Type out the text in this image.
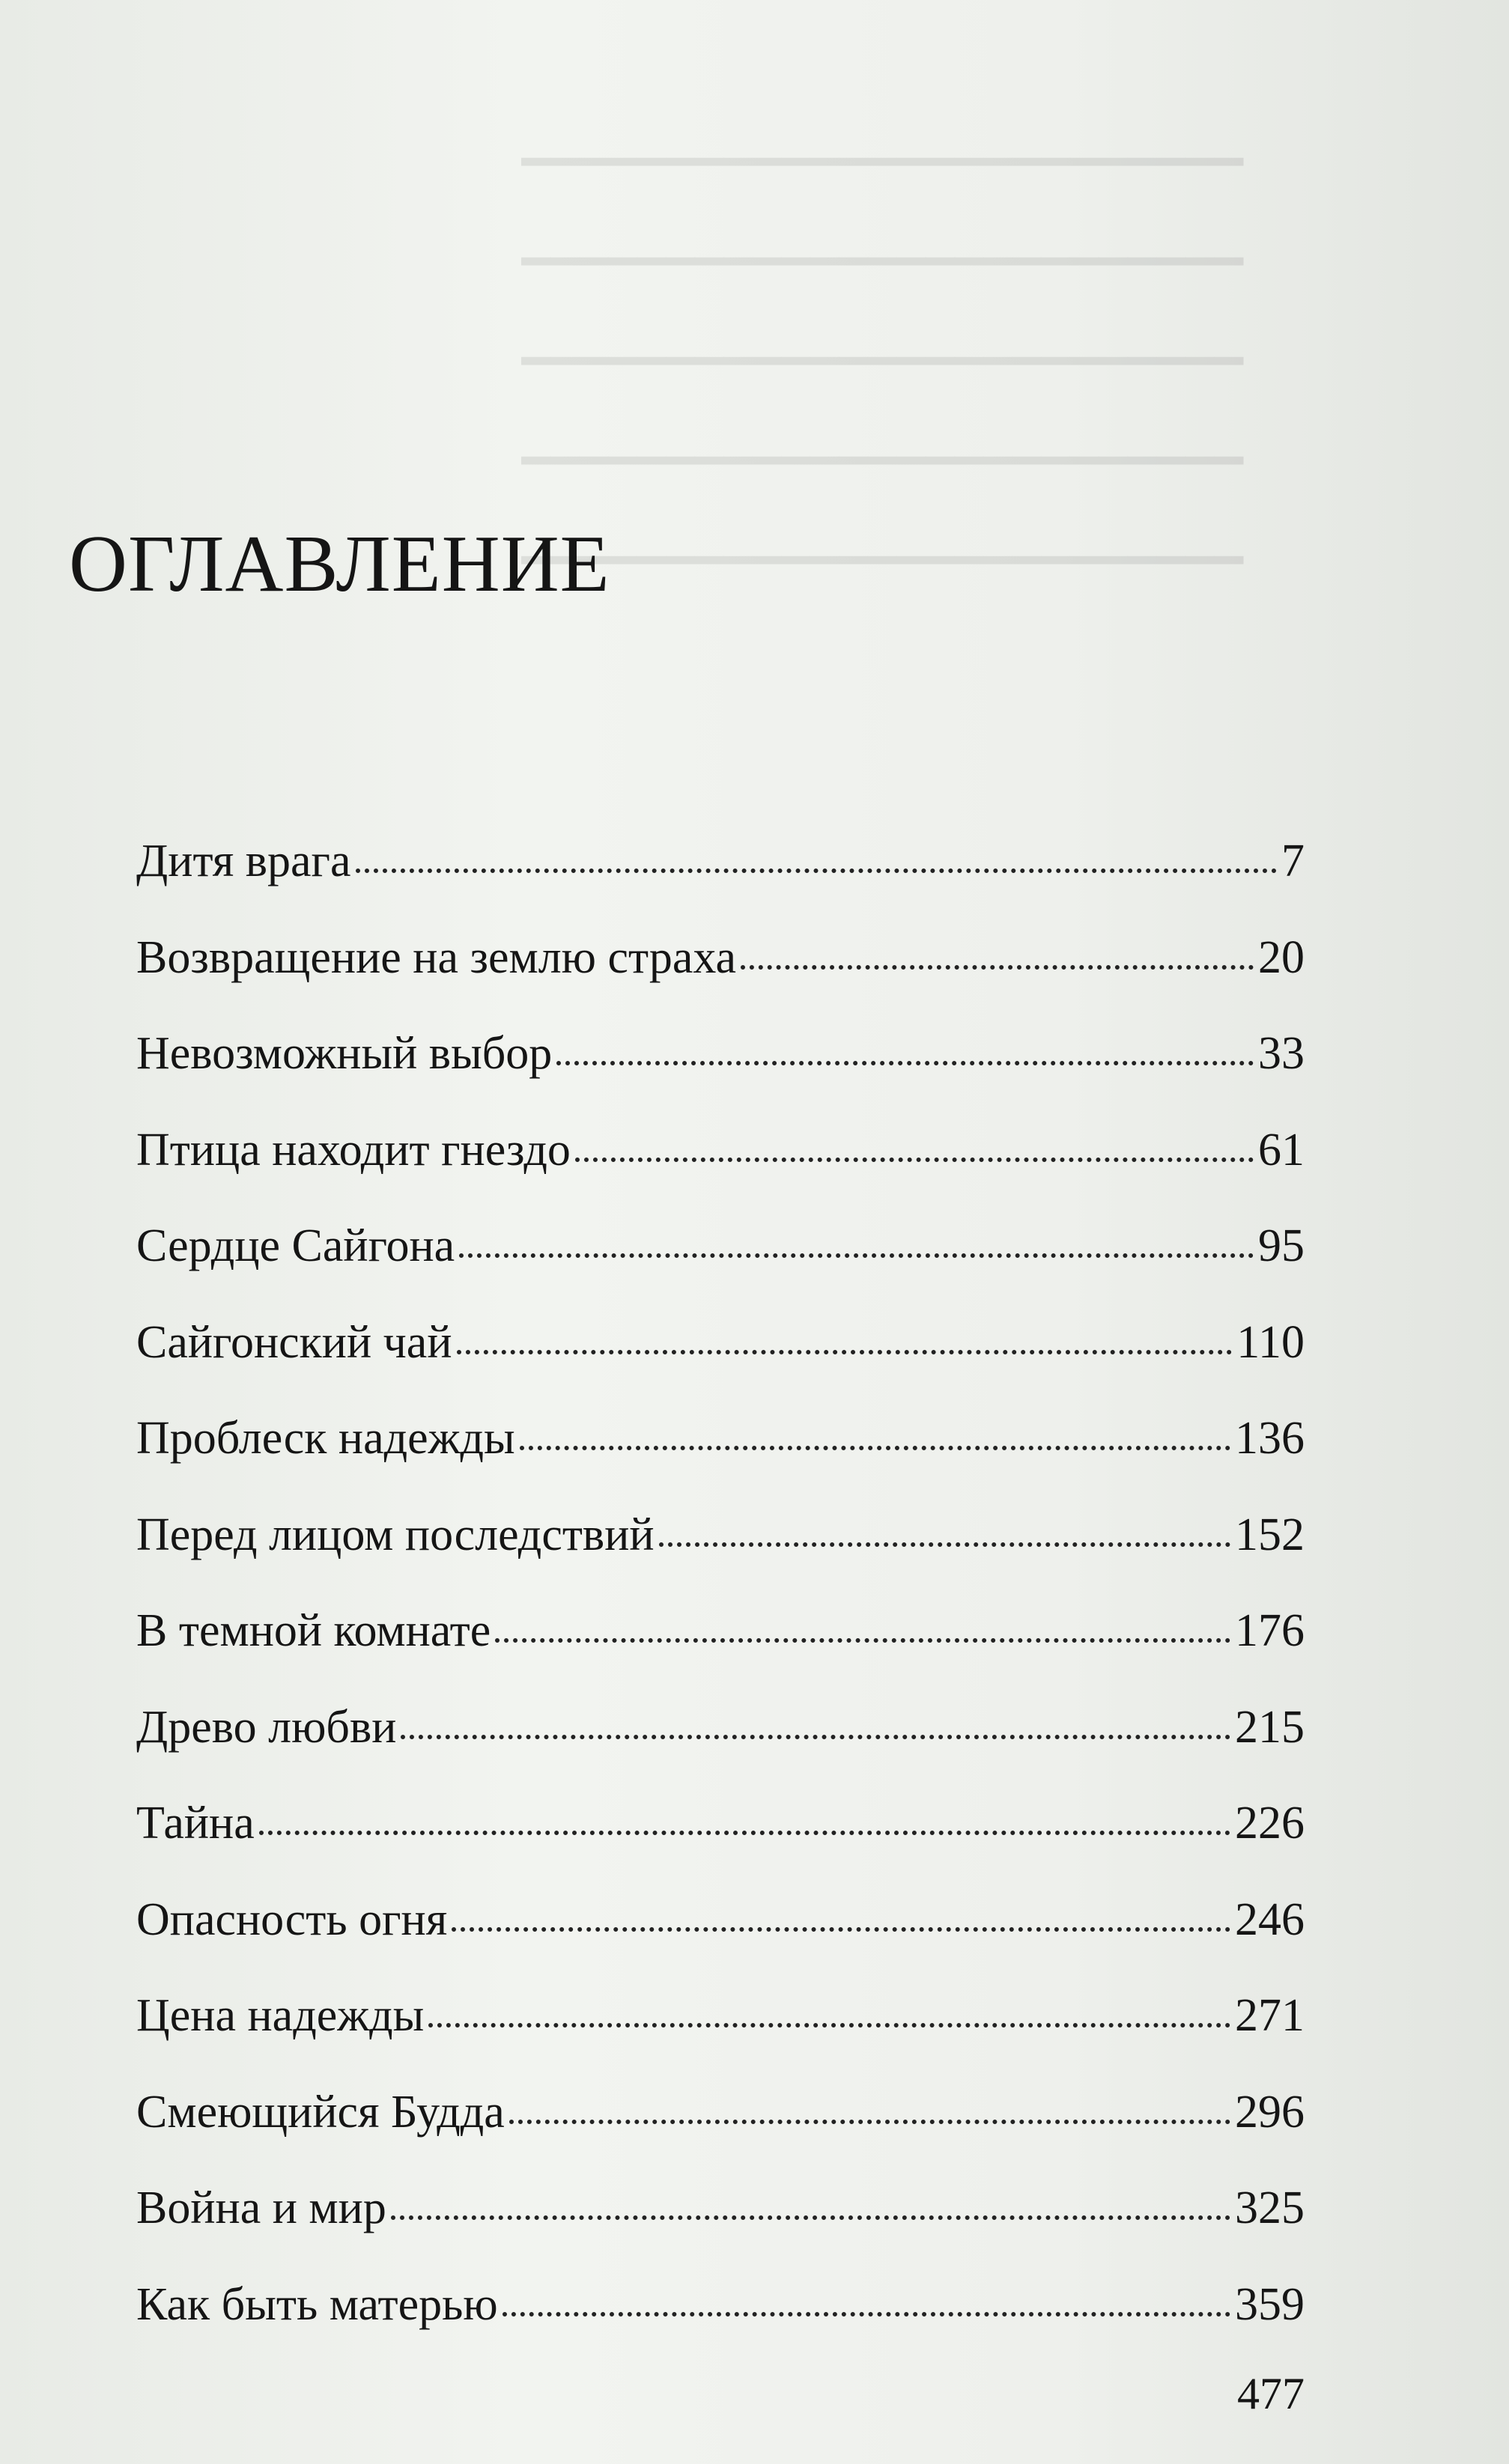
━━━━━━━━━━━━━━━━━━━━━━━━━
━━━━━━━━━━━━━━━━━━━━━━━━━
━━━━━━━━━━━━━━━━━━━━━━━━━
━━━━━━━━━━━━━━━━━━━━━━━━━
━━━━━━━━━━━━━━━━━━━━━━━━━
ОГЛАВЛЕНИЕ
Дитя врага	7
Возвращение на землю страха	20
Невозможный выбор	33
Птица находит гнездо	61
Сердце Сайгона	95
Сайгонский чай	110
Проблеск надежды	136
Перед лицом последствий	152
В темной комнате	176
Древо любви	215
Тайна	226
Опасность огня	246
Цена надежды	271
Смеющийся Будда	296
Война и мир	325
Как быть матерью	359
477
